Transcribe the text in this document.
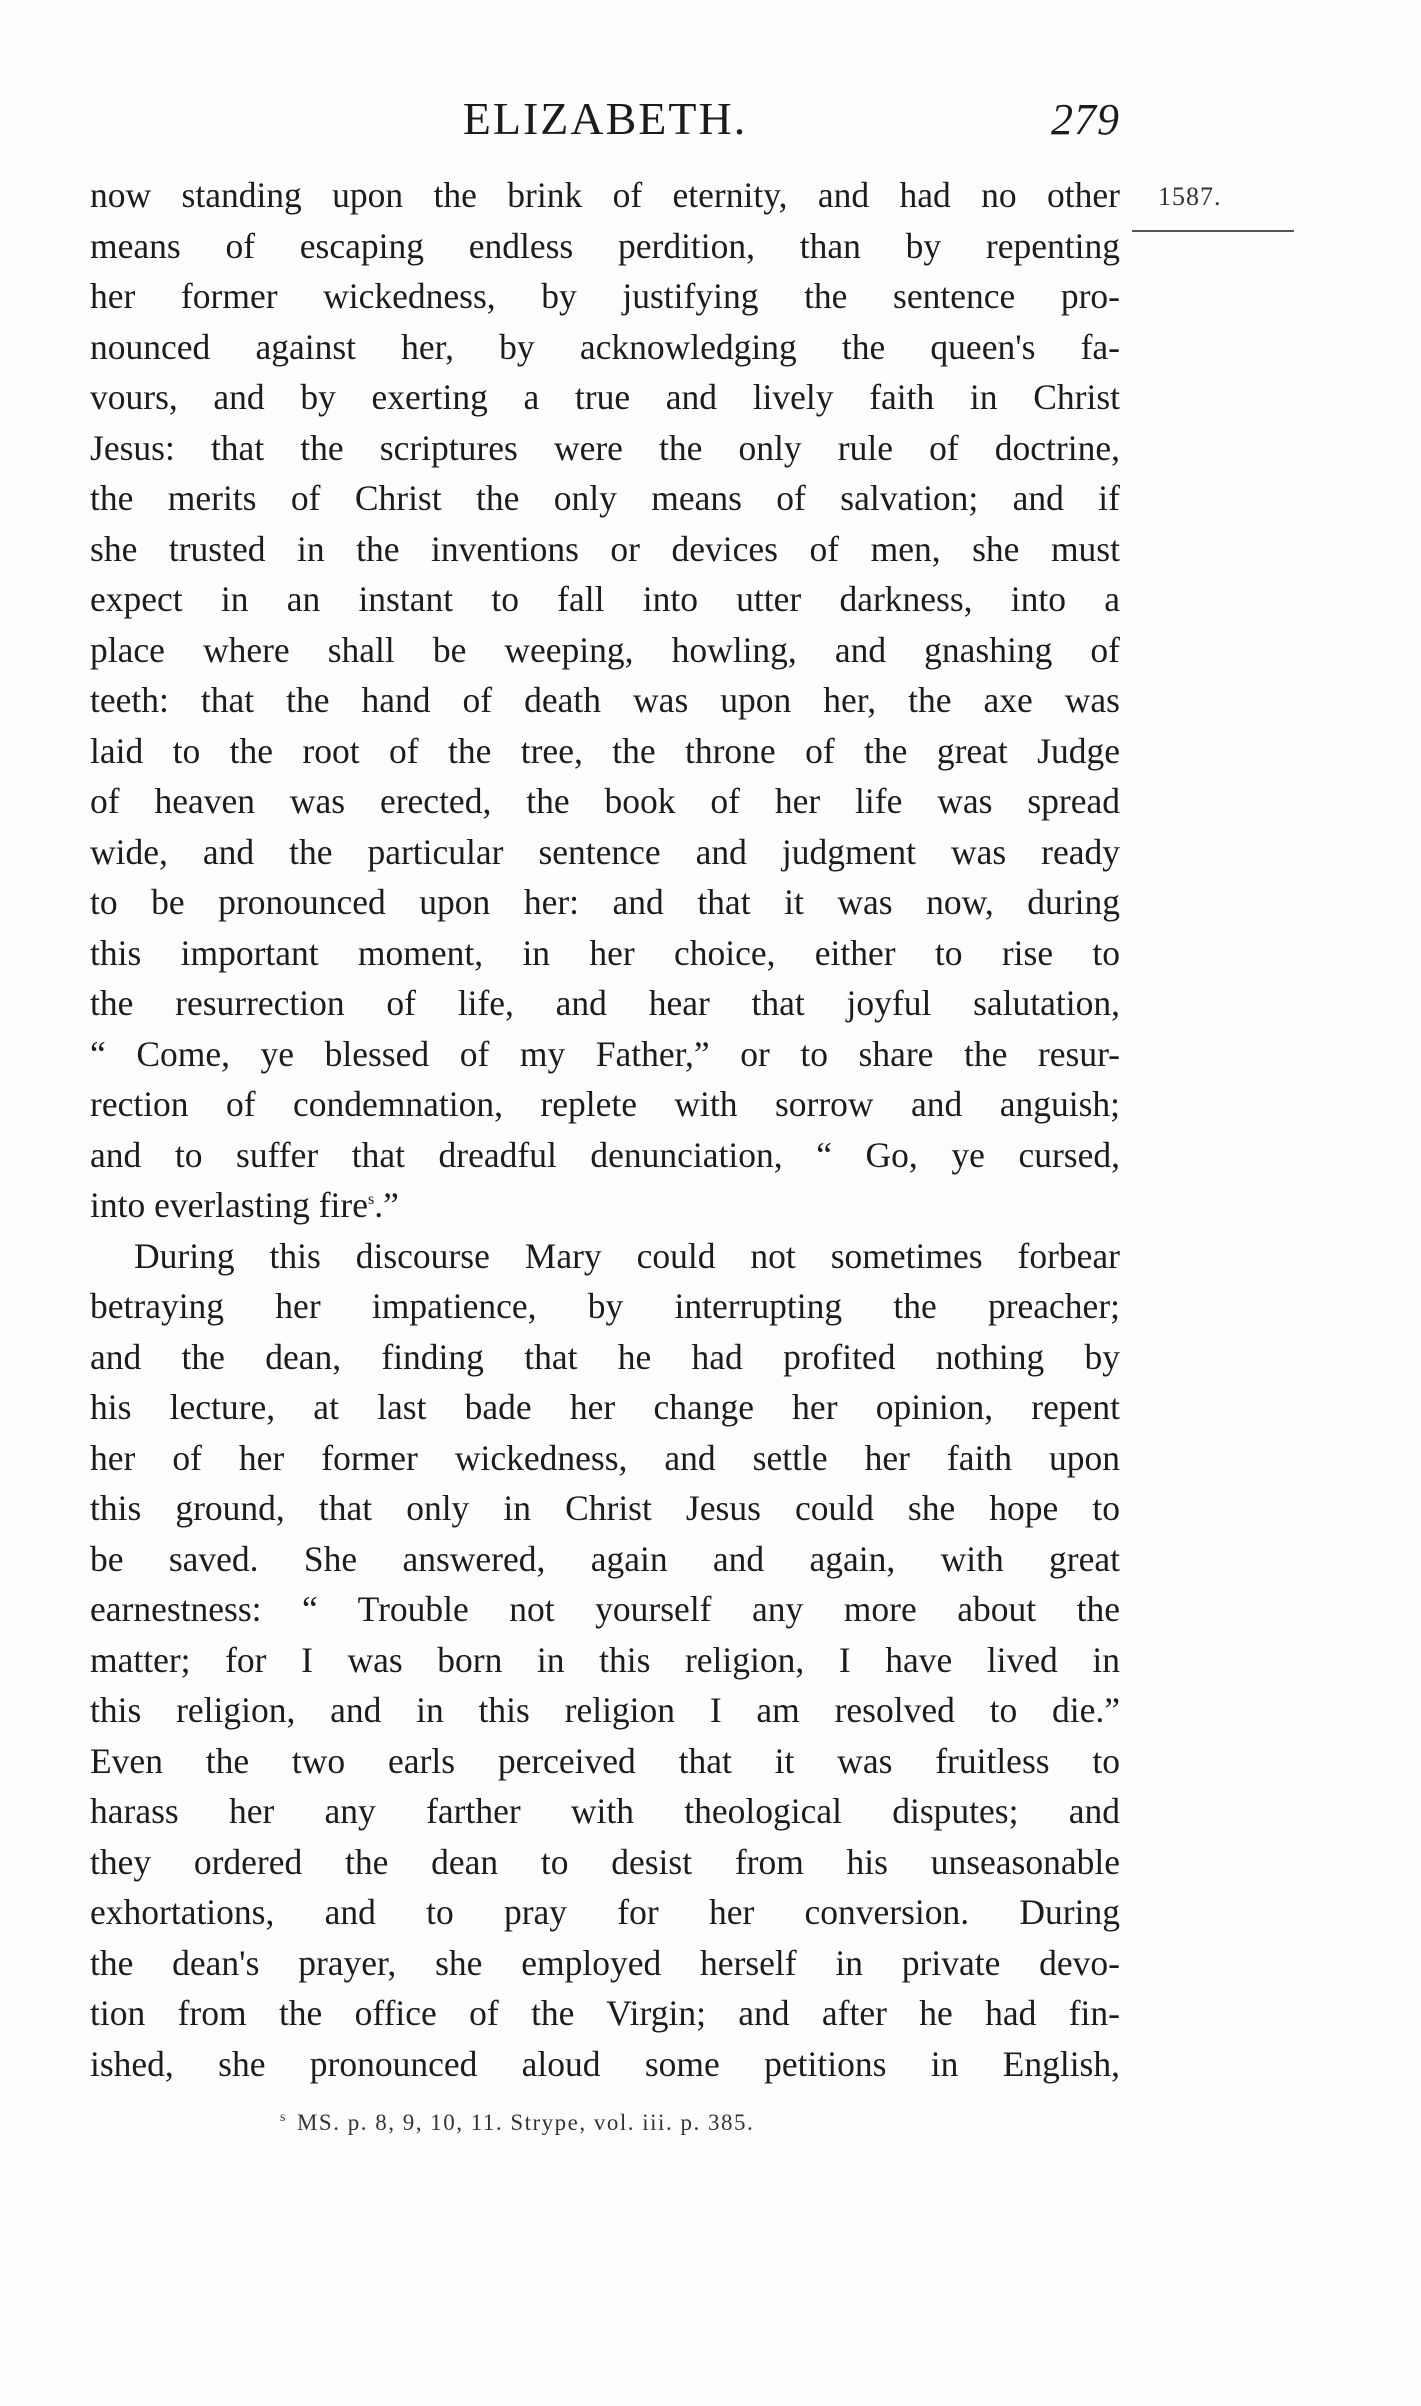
ELIZABETH.	279
1587.
now standing upon the brink of eternity, and had no other
means of escaping endless perdition, than by repenting
her former wickedness, by justifying the sentence pro-
nounced against her, by acknowledging the queen's fa-
vours, and by exerting a true and lively faith in Christ
Jesus: that the scriptures were the only rule of doctrine,
the merits of Christ the only means of salvation; and if
she trusted in the inventions or devices of men, she must
expect in an instant to fall into utter darkness, into a
place where shall be weeping, howling, and gnashing of
teeth: that the hand of death was upon her, the axe was
laid to the root of the tree, the throne of the great Judge
of heaven was erected, the book of her life was spread
wide, and the particular sentence and judgment was ready
to be pronounced upon her: and that it was now, during
this important moment, in her choice, either to rise to
the resurrection of life, and hear that joyful salutation,
“ Come, ye blessed of my Father,” or to share the resur-
rection of condemnation, replete with sorrow and anguish;
and to suffer that dreadful denunciation, “ Go, ye cursed,
into everlasting fire$^s$.”
During this discourse Mary could not sometimes forbear
betraying her impatience, by interrupting the preacher;
and the dean, finding that he had profited nothing by
his lecture, at last bade her change her opinion, repent
her of her former wickedness, and settle her faith upon
this ground, that only in Christ Jesus could she hope to
be saved. She answered, again and again, with great
earnestness: “ Trouble not yourself any more about the
matter; for I was born in this religion, I have lived in
this religion, and in this religion I am resolved to die.”
Even the two earls perceived that it was fruitless to
harass her any farther with theological disputes; and
they ordered the dean to desist from his unseasonable
exhortations, and to pray for her conversion. During
the dean's prayer, she employed herself in private devo-
tion from the office of the Virgin; and after he had fin-
ished, she pronounced aloud some petitions in English,
$^s$ MS. p. 8, 9, 10, 11. Strype, vol. iii. p. 385.
